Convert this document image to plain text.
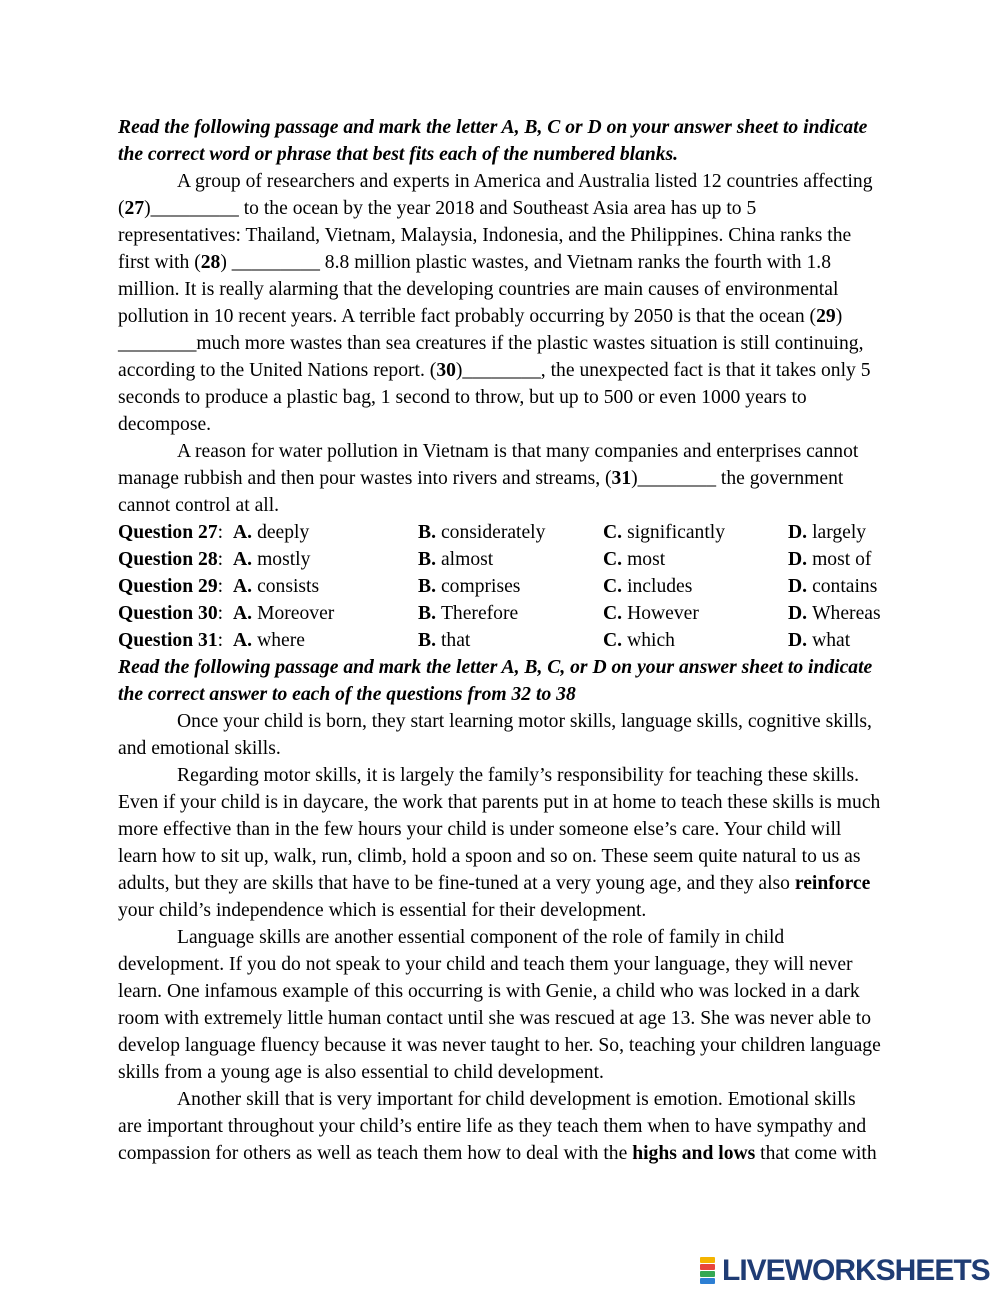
Read the following passage and mark the letter A, B, C or D on your answer sheet to indicate
the correct word or phrase that best fits each of the numbered blanks.
A group of researchers and experts in America and Australia listed 12 countries affecting
(27)_________ to the ocean by the year 2018 and Southeast Asia area has up to 5
representatives: Thailand, Vietnam, Malaysia, Indonesia, and the Philippines. China ranks the
first with (28) _________ 8.8 million plastic wastes, and Vietnam ranks the fourth with 1.8
million. It is really alarming that the developing countries are main causes of environmental
pollution in 10 recent years. A terrible fact probably occurring by 2050 is that the ocean (29)
________much more wastes than sea creatures if the plastic wastes situation is still continuing,
according to the United Nations report. (30)________, the unexpected fact is that it takes only 5
seconds to produce a plastic bag, 1 second to throw, but up to 500 or even 1000 years to
decompose.
A reason for water pollution in Vietnam is that many companies and enterprises cannot
manage rubbish and then pour wastes into rivers and streams, (31)________ the government
cannot control at all.
Question 27: A. deeply	B. considerately	C. significantly	D. largely
Question 28: A. mostly	B. almost	C. most	D. most of
Question 29: A. consists	B. comprises	C. includes	D. contains
Question 30: A. Moreover	B. Therefore	C. However	D. Whereas
Question 31: A. where	B. that	C. which	D. what
Read the following passage and mark the letter A, B, C, or D on your answer sheet to indicate
the correct answer to each of the questions from 32 to 38
Once your child is born, they start learning motor skills, language skills, cognitive skills,
and emotional skills.
Regarding motor skills, it is largely the family’s responsibility for teaching these skills.
Even if your child is in daycare, the work that parents put in at home to teach these skills is much
more effective than in the few hours your child is under someone else’s care. Your child will
learn how to sit up, walk, run, climb, hold a spoon and so on. These seem quite natural to us as
adults, but they are skills that have to be fine-tuned at a very young age, and they also reinforce
your child’s independence which is essential for their development.
Language skills are another essential component of the role of family in child
development. If you do not speak to your child and teach them your language, they will never
learn. One infamous example of this occurring is with Genie, a child who was locked in a dark
room with extremely little human contact until she was rescued at age 13. She was never able to
develop language fluency because it was never taught to her. So, teaching your children language
skills from a young age is also essential to child development.
Another skill that is very important for child development is emotion. Emotional skills
are important throughout your child’s entire life as they teach them when to have sympathy and
compassion for others as well as teach them how to deal with the highs and lows that come with
LIVEWORKSHEETS
